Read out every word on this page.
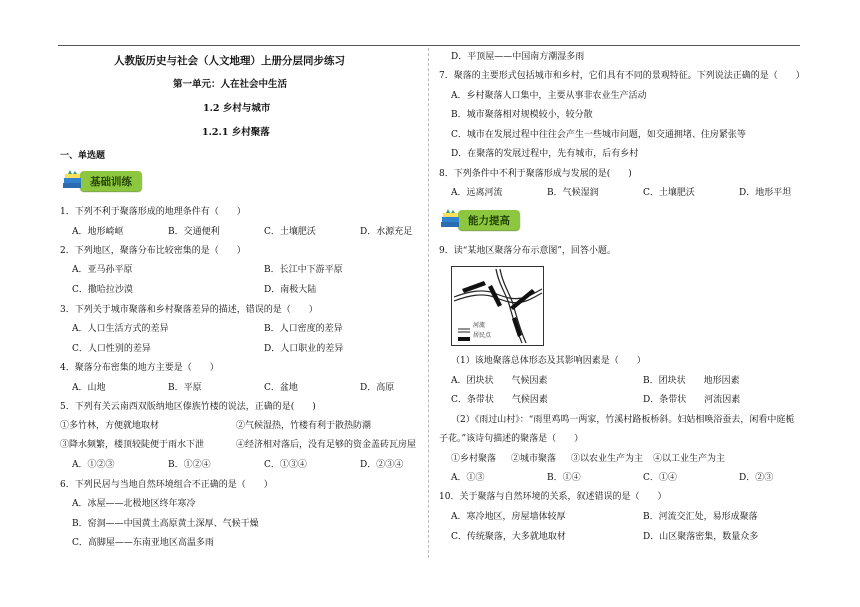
人教版历史与社会（人文地理）上册分层同步练习
第一单元：人在社会中生活
1.2 乡村与城市
1.2.1 乡村聚落
一、单选题
基础训练
1．下列不利于聚落形成的地理条件有（　　）
A．地形崎岖	B．交通便利	C．土壤肥沃	D．水源充足
2．下列地区，聚落分布比较密集的是（　　）
A．亚马孙平原	B．长江中下游平原
C．撒哈拉沙漠	D．南极大陆
3．下列关于城市聚落和乡村聚落差异的描述，错误的是（　　）
A．人口生活方式的差异	B．人口密度的差异
C．人口性别的差异	D．人口职业的差异
4．聚落分布密集的地方主要是（　　）
A．山地	B．平原	C．盆地	D．高原
5．下列有关云南西双版纳地区傣族竹楼的说法，正确的是(　　)
①多竹林，方便就地取材	②气候湿热，竹楼有利于散热防潮
③降水频繁，楼顶较陡便于雨水下泄	④经济相对落后，没有足够的资金盖砖瓦房屋
A．①②③	B．①②④	C．①③④	D．②③④
6．下列民居与当地自然环境组合不正确的是（　　）
A．冰屋——北极地区终年寒冷
B．窑洞——中国黄土高原黄土深厚、气候干燥
C．高脚屋——东南亚地区高温多雨
D．平顶屋——中国南方潮湿多雨
7．聚落的主要形式包括城市和乡村，它们具有不同的景观特征。下列说法正确的是（　　）
A．乡村聚落人口集中，主要从事非农业生产活动
B．城市聚落相对规模较小，较分散
C．城市在发展过程中往往会产生一些城市问题，如交通拥堵、住房紧张等
D．在聚落的发展过程中，先有城市，后有乡村
8．下列条件中不利于聚落形成与发展的是(　　)
A．远离河流	B．气候湿润	C．土壤肥沃	D．地形平坦
能力提高
9．读“某地区聚落分布示意图”，回答小题。
河流
居民点
（1）该地聚落总体形态及其影响因素是（　　）
A．团块状　　气候因素	B．团块状　　地形因素
C．条带状　　气候因素	D．条带状　　河流因素
（2）《雨过山村》：“雨里鸡鸣一两家，竹溪村路板桥斜。妇姑相唤浴蚕去，闲看中庭栀
子花。”该诗句描述的聚落是（　　）
①乡村聚落 ②城市聚落 ③以农业生产为主 ④以工业生产为主
A．①③	B．①④	C．①④	D．②③
10．关于聚落与自然环境的关系，叙述错误的是（　　）
A．寒冷地区，房屋墙体较厚	B．河流交汇处，易形成聚落
C．传统聚落，大多就地取材	D．山区聚落密集，数量众多
